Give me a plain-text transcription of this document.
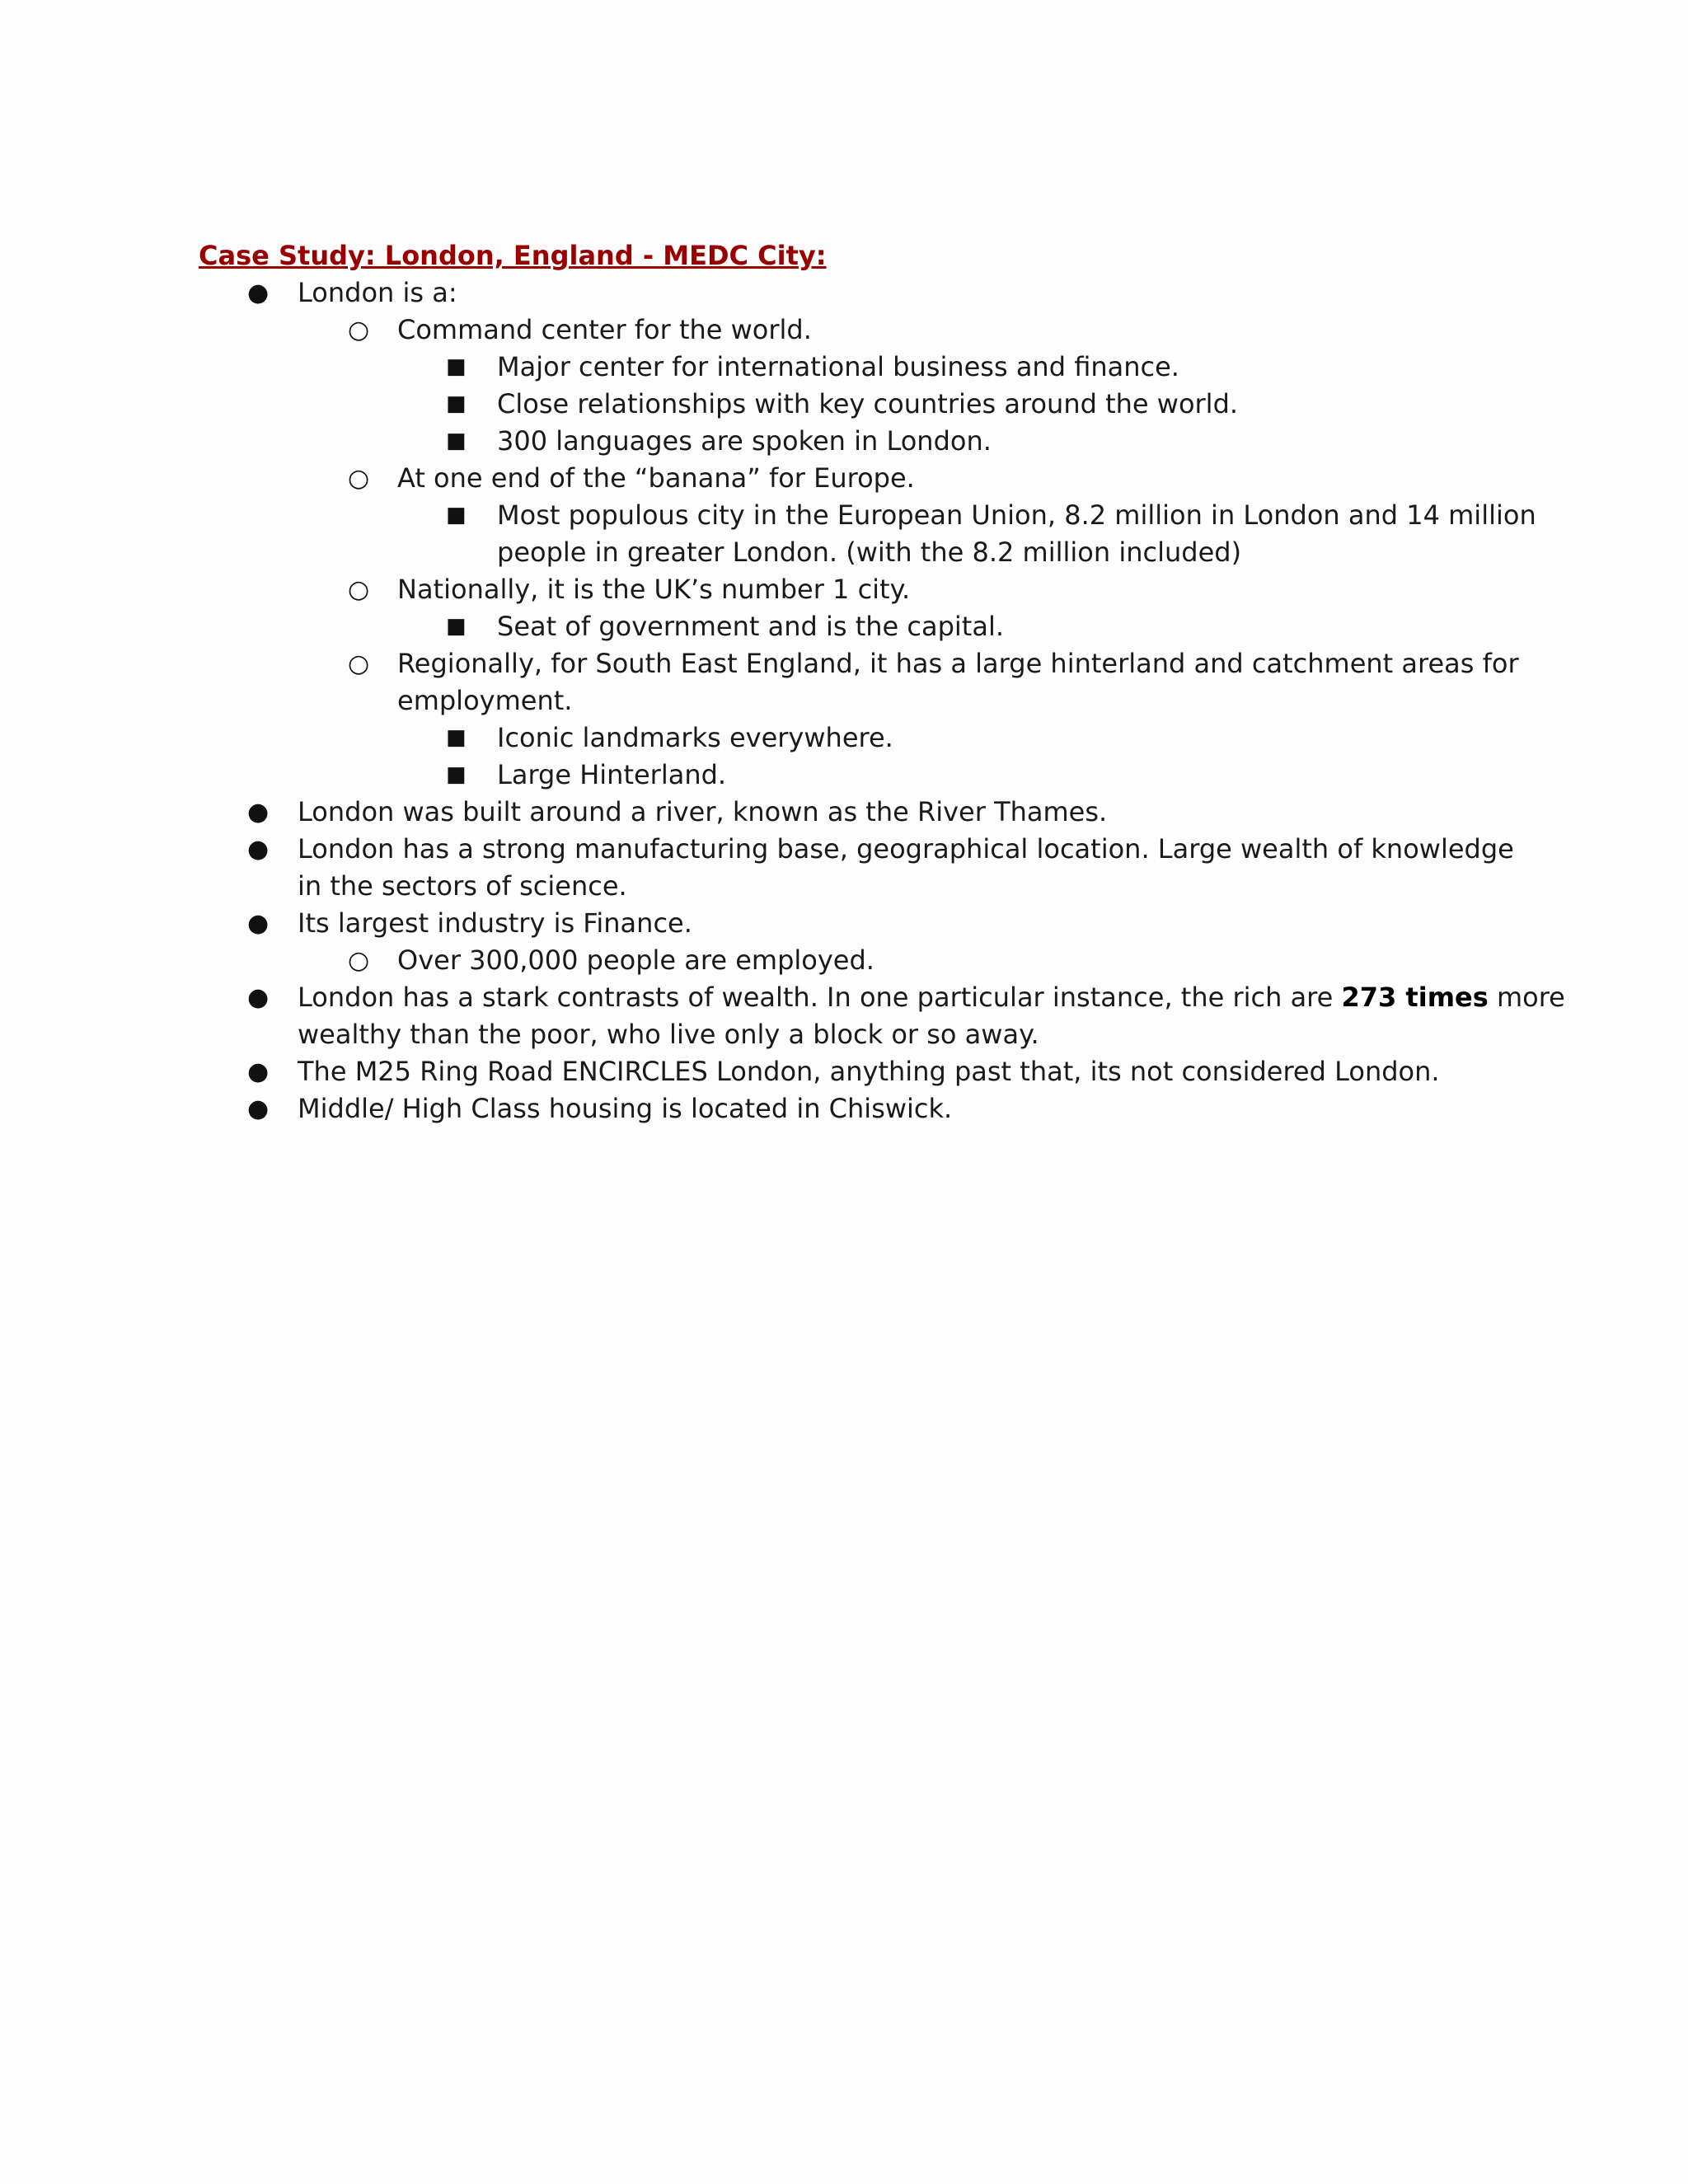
Case Study: London, England - MEDC City:
● London is a:
○ Command center for the world.
■ Major center for international business and finance.
■ Close relationships with key countries around the world.
■ 300 languages are spoken in London.
○ At one end of the “banana” for Europe.
■ Most populous city in the European Union, 8.2 million in London and 14 million
people in greater London. (with the 8.2 million included)
○ Nationally, it is the UK’s number 1 city.
■ Seat of government and is the capital.
○ Regionally, for South East England, it has a large hinterland and catchment areas for
employment.
■ Iconic landmarks everywhere.
■ Large Hinterland.
● London was built around a river, known as the River Thames.
● London has a strong manufacturing base, geographical location. Large wealth of knowledge
in the sectors of science.
● Its largest industry is Finance.
○ Over 300,000 people are employed.
● London has a stark contrasts of wealth. In one particular instance, the rich are 273 times more
wealthy than the poor, who live only a block or so away.
● The M25 Ring Road ENCIRCLES London, anything past that, its not considered London.
● Middle/ High Class housing is located in Chiswick.
